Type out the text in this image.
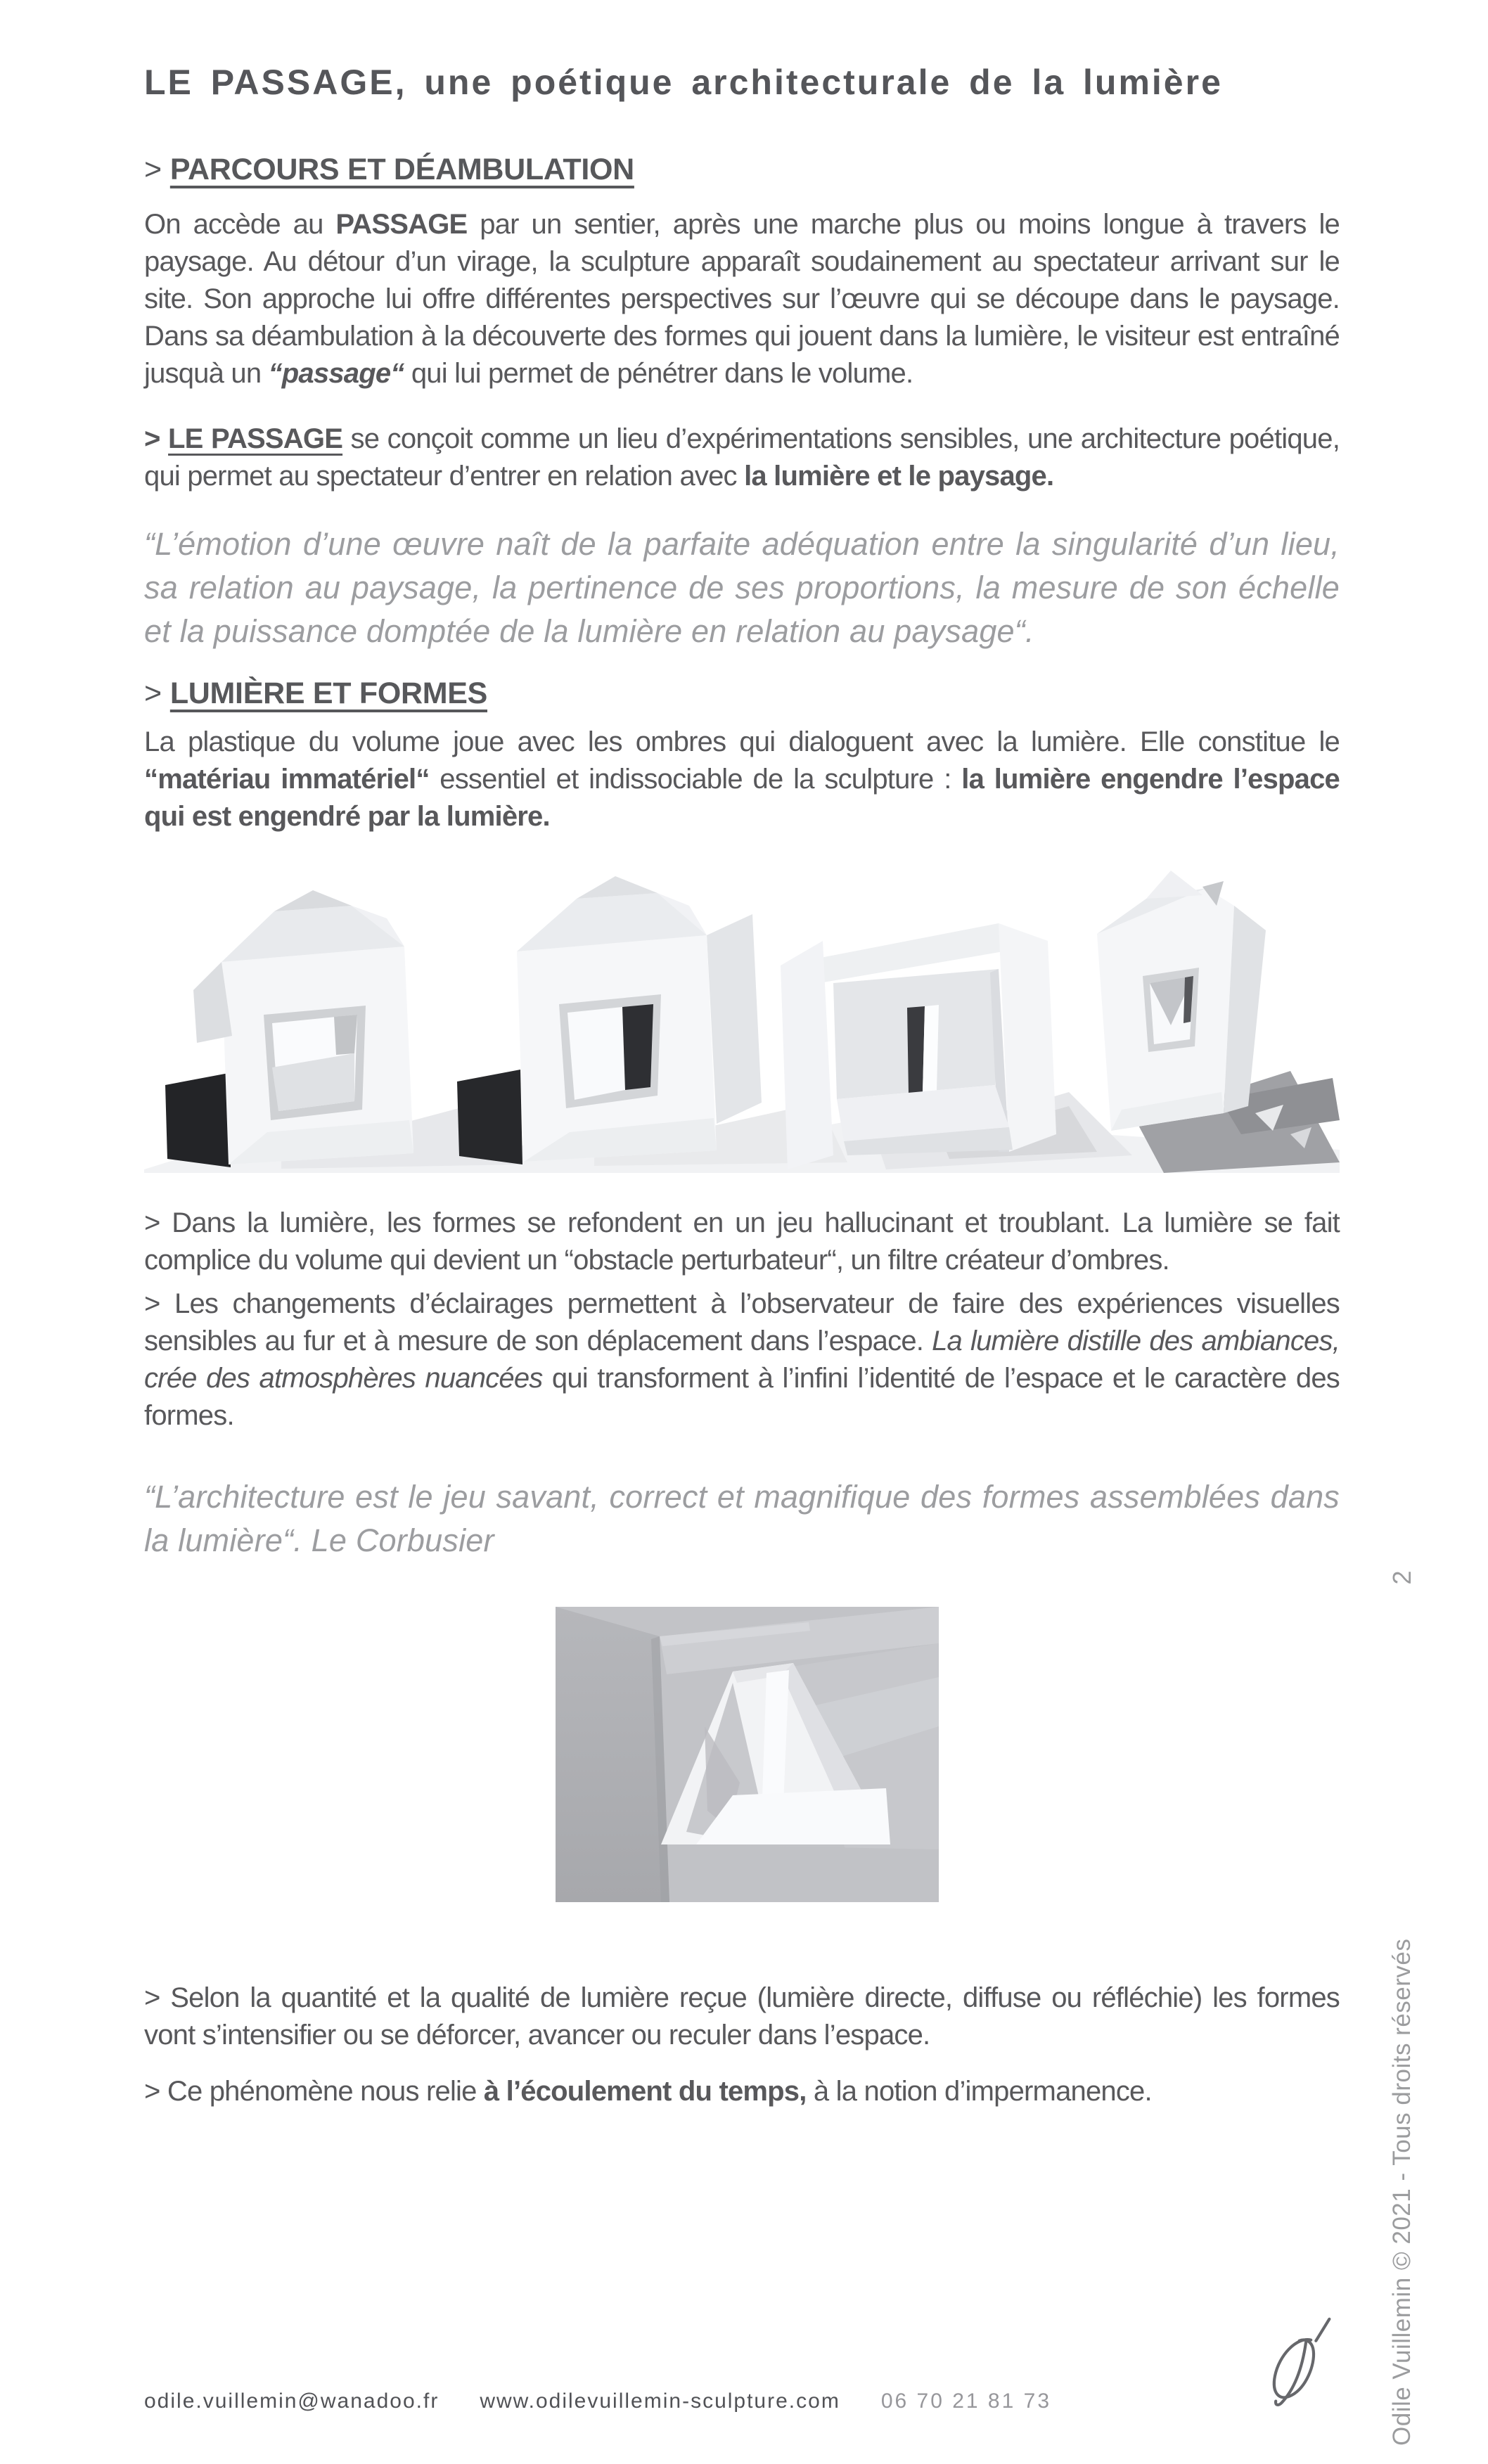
LE PASSAGE, une poétique architecturale de la lumière
> PARCOURS ET DÉAMBULATION

On accède au PASSAGE par un sentier, après une marche plus ou moins longue à travers le paysage. Au détour d’un virage, la sculpture apparaît soudainement au spectateur arrivant sur le site. Son approche lui offre différentes perspectives sur l’œuvre qui se découpe dans le paysage. Dans sa déambulation à la découverte des formes qui jouent dans la lumière, le visiteur est entraîné jusquà un “passage“ qui lui permet de pénétrer dans le volume.

> LE PASSAGE se conçoit comme un lieu d’expérimentations sensibles, une architecture poétique, qui permet au spectateur d’entrer en relation avec la lumière et le paysage.

“L’émotion d’une œuvre naît de la parfaite adéquation entre la singularité d’un lieu, sa relation au paysage, la pertinence de ses proportions, la mesure de son échelle et la puissance domptée de la lumière en relation au paysage“.

> LUMIÈRE ET FORMES

La plastique du volume joue avec les ombres qui dialoguent avec la lumière. Elle constitue le “matériau immatériel“ essentiel et indissociable de la sculpture : la lumière engendre l’espace qui est engendré par la lumière.

> Dans la lumière, les formes se refondent en un jeu hallucinant et troublant. La lumière se fait complice du volume qui devient un “obstacle perturbateur“, un filtre créateur d’ombres.

> Les changements d’éclairages permettent à l’observateur de faire des expériences visuelles sensibles au fur et à mesure de son déplacement dans l’espace. La lumière distille des ambiances, crée des atmosphères nuancées qui transforment à l’infini l’identité de l’espace et le caractère des formes.

“L’architecture est le jeu savant, correct et magnifique des formes assemblées dans la lumière“. Le Corbusier

> Selon la quantité et la qualité de lumière reçue (lumière directe, diffuse ou réfléchie) les formes vont s’intensifier ou se déforcer, avancer ou reculer dans l’espace.

> Ce phénomène nous relie à l’écoulement du temps, à la notion d’impermanence.

odile.vuillemin@wanadoo.fr www.odilevuillemin-sculpture.com 06 70 21 81 73	Odile Vuillemin © 2021 - Tous droits réservés
2
